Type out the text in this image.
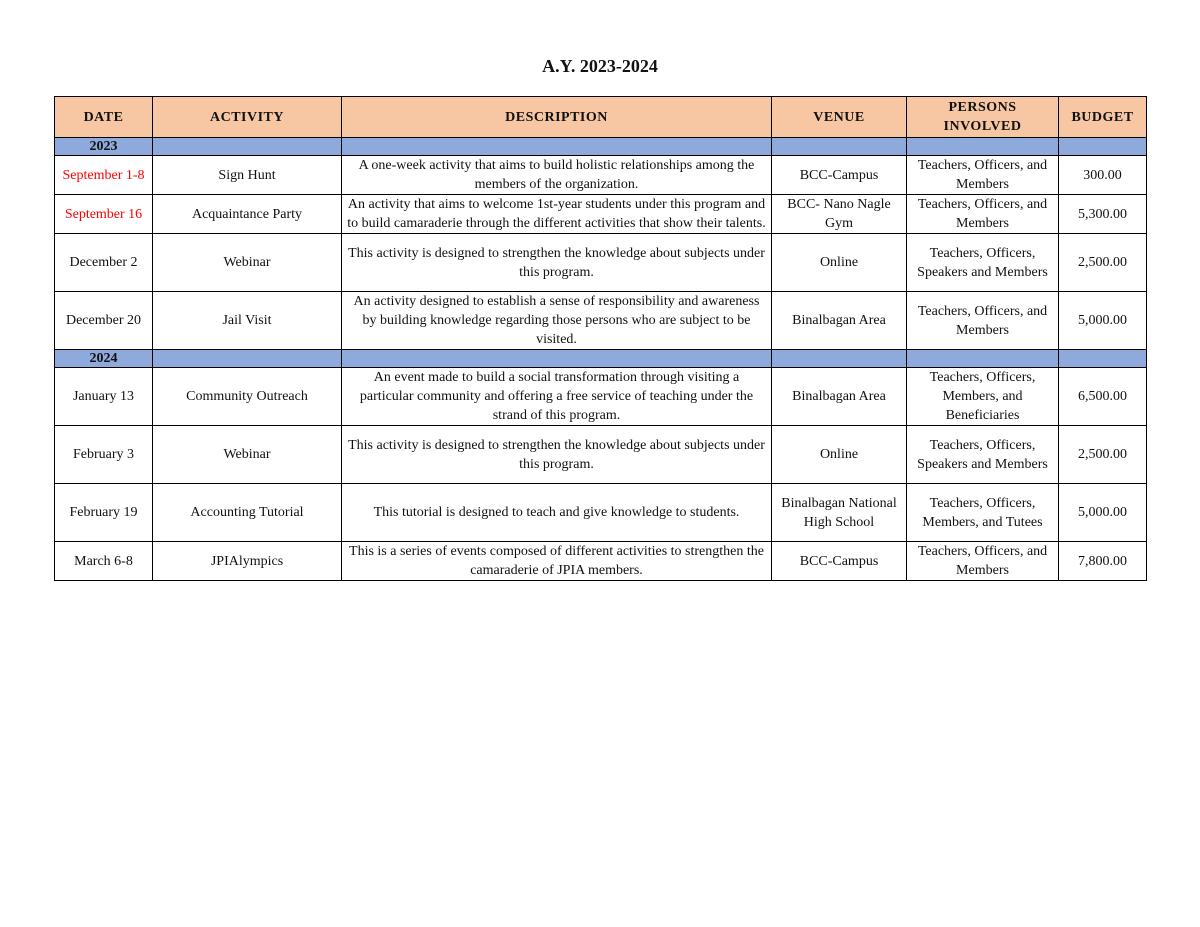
A.Y. 2023-2024
DATE	ACTIVITY	DESCRIPTION	VENUE	PERSONS INVOLVED	BUDGET
2023					
September 1-8	Sign Hunt	A one-week activity that aims to build holistic relationships among the members of the organization.	BCC-Campus	Teachers, Officers, and Members	300.00
September 16	Acquaintance Party	An activity that aims to welcome 1st-year students under this program and to build camaraderie through the different activities that show their talents.	BCC- Nano Nagle Gym	Teachers, Officers, and Members	5,300.00
December 2	Webinar	This activity is designed to strengthen the knowledge about subjects under this program.	Online	Teachers, Officers, Speakers and Members	2,500.00
December 20	Jail Visit	An activity designed to establish a sense of responsibility and awareness by building knowledge regarding those persons who are subject to be visited.	Binalbagan Area	Teachers, Officers, and Members	5,000.00
2024					
January 13	Community Outreach	An event made to build a social transformation through visiting a particular community and offering a free service of teaching under the strand of this program.	Binalbagan Area	Teachers, Officers, Members, and Beneficiaries	6,500.00
February 3	Webinar	This activity is designed to strengthen the knowledge about subjects under this program.	Online	Teachers, Officers, Speakers and Members	2,500.00
February 19	Accounting Tutorial	This tutorial is designed to teach and give knowledge to students.	Binalbagan National High School	Teachers, Officers, Members, and Tutees	5,000.00
March 6-8	JPIAlympics	This is a series of events composed of different activities to strengthen the camaraderie of JPIA members.	BCC-Campus	Teachers, Officers, and Members	7,800.00
